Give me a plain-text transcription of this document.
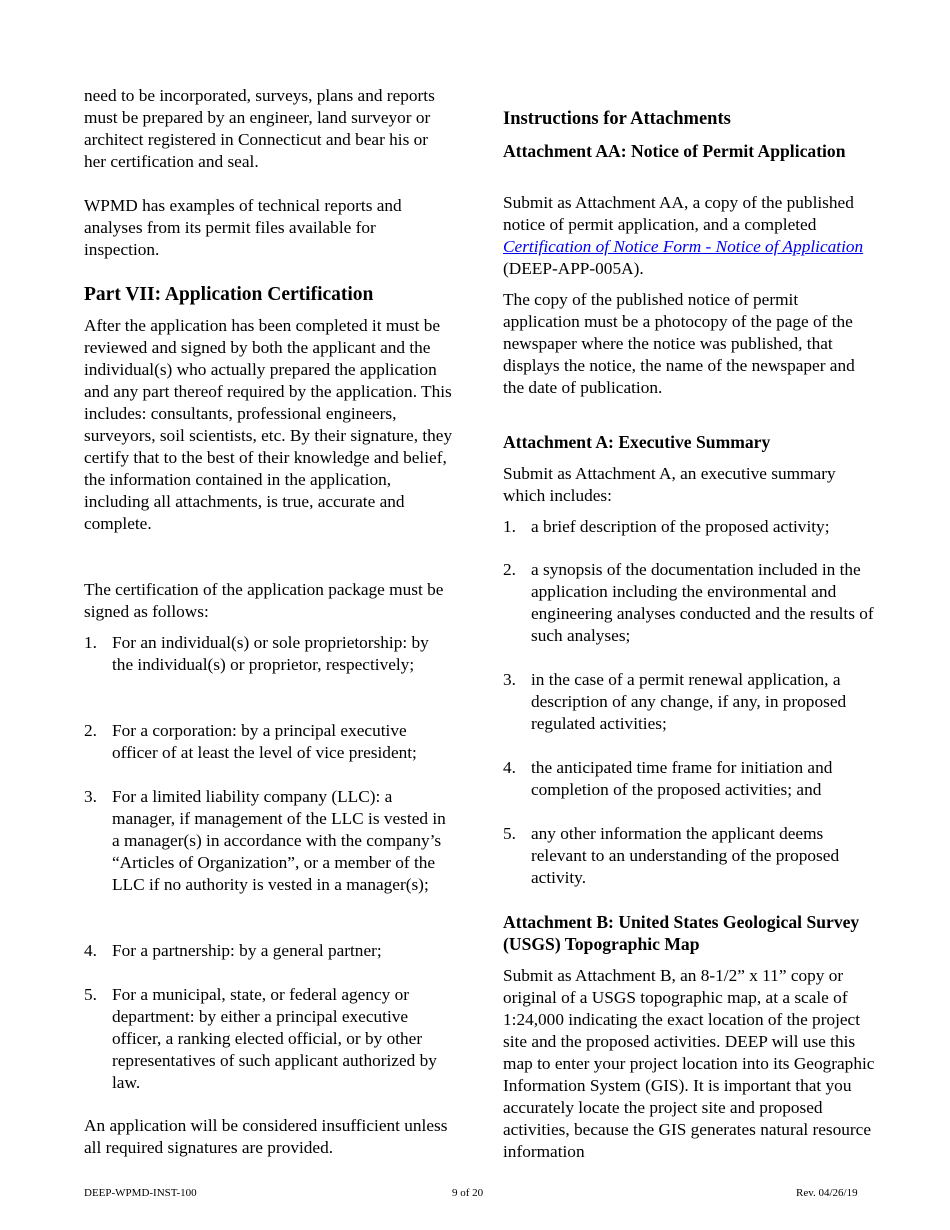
need to be incorporated, surveys, plans and reports must be prepared by an engineer, land surveyor or architect registered in Connecticut and bear his or her certification and seal.

WPMD has examples of technical reports and analyses from its permit files available for inspection.

Part VII: Application Certification

After the application has been completed it must be reviewed and signed by both the applicant and the individual(s) who actually prepared the application and any part thereof required by the application. This includes: consultants, professional engineers, surveyors, soil scientists, etc. By their signature, they certify that to the best of their knowledge and belief, the information contained in the application, including all attachments, is true, accurate and complete.

The certification of the application package must be signed as follows:

1. For an individual(s) or sole proprietorship: by the individual(s) or proprietor, respectively;
2. For a corporation: by a principal executive officer of at least the level of vice president;
3. For a limited liability company (LLC): a manager, if management of the LLC is vested in a manager(s) in accordance with the company’s “Articles of Organization”, or a member of the LLC if no authority is vested in a manager(s);
4. For a partnership: by a general partner;
5. For a municipal, state, or federal agency or department: by either a principal executive officer, a ranking elected official, or by other representatives of such applicant authorized by law.

An application will be considered insufficient unless all required signatures are provided.

Instructions for Attachments
Attachment AA: Notice of Permit Application

Submit as Attachment AA, a copy of the published notice of permit application, and a completed Certification of Notice Form - Notice of Application (DEEP-APP-005A).

The copy of the published notice of permit application must be a photocopy of the page of the newspaper where the notice was published, that displays the notice, the name of the newspaper and the date of publication.

Attachment A: Executive Summary

Submit as Attachment A, an executive summary which includes:

1. a brief description of the proposed activity;
2. a synopsis of the documentation included in the application including the environmental and engineering analyses conducted and the results of such analyses;
3. in the case of a permit renewal application, a description of any change, if any, in proposed regulated activities;
4. the anticipated time frame for initiation and completion of the proposed activities; and
5. any other information the applicant deems relevant to an understanding of the proposed activity.
Attachment B: United States Geological Survey (USGS) Topographic Map

Submit as Attachment B, an 8-1/2” x 11” copy or original of a USGS topographic map, at a scale of 1:24,000 indicating the exact location of the project site and the proposed activities. DEEP will use this map to enter your project location into its Geographic Information System (GIS). It is important that you accurately locate the project site and proposed activities, because the GIS generates natural resource information

DEEP-WPMD-INST-100	9 of 20	Rev. 04/26/19
